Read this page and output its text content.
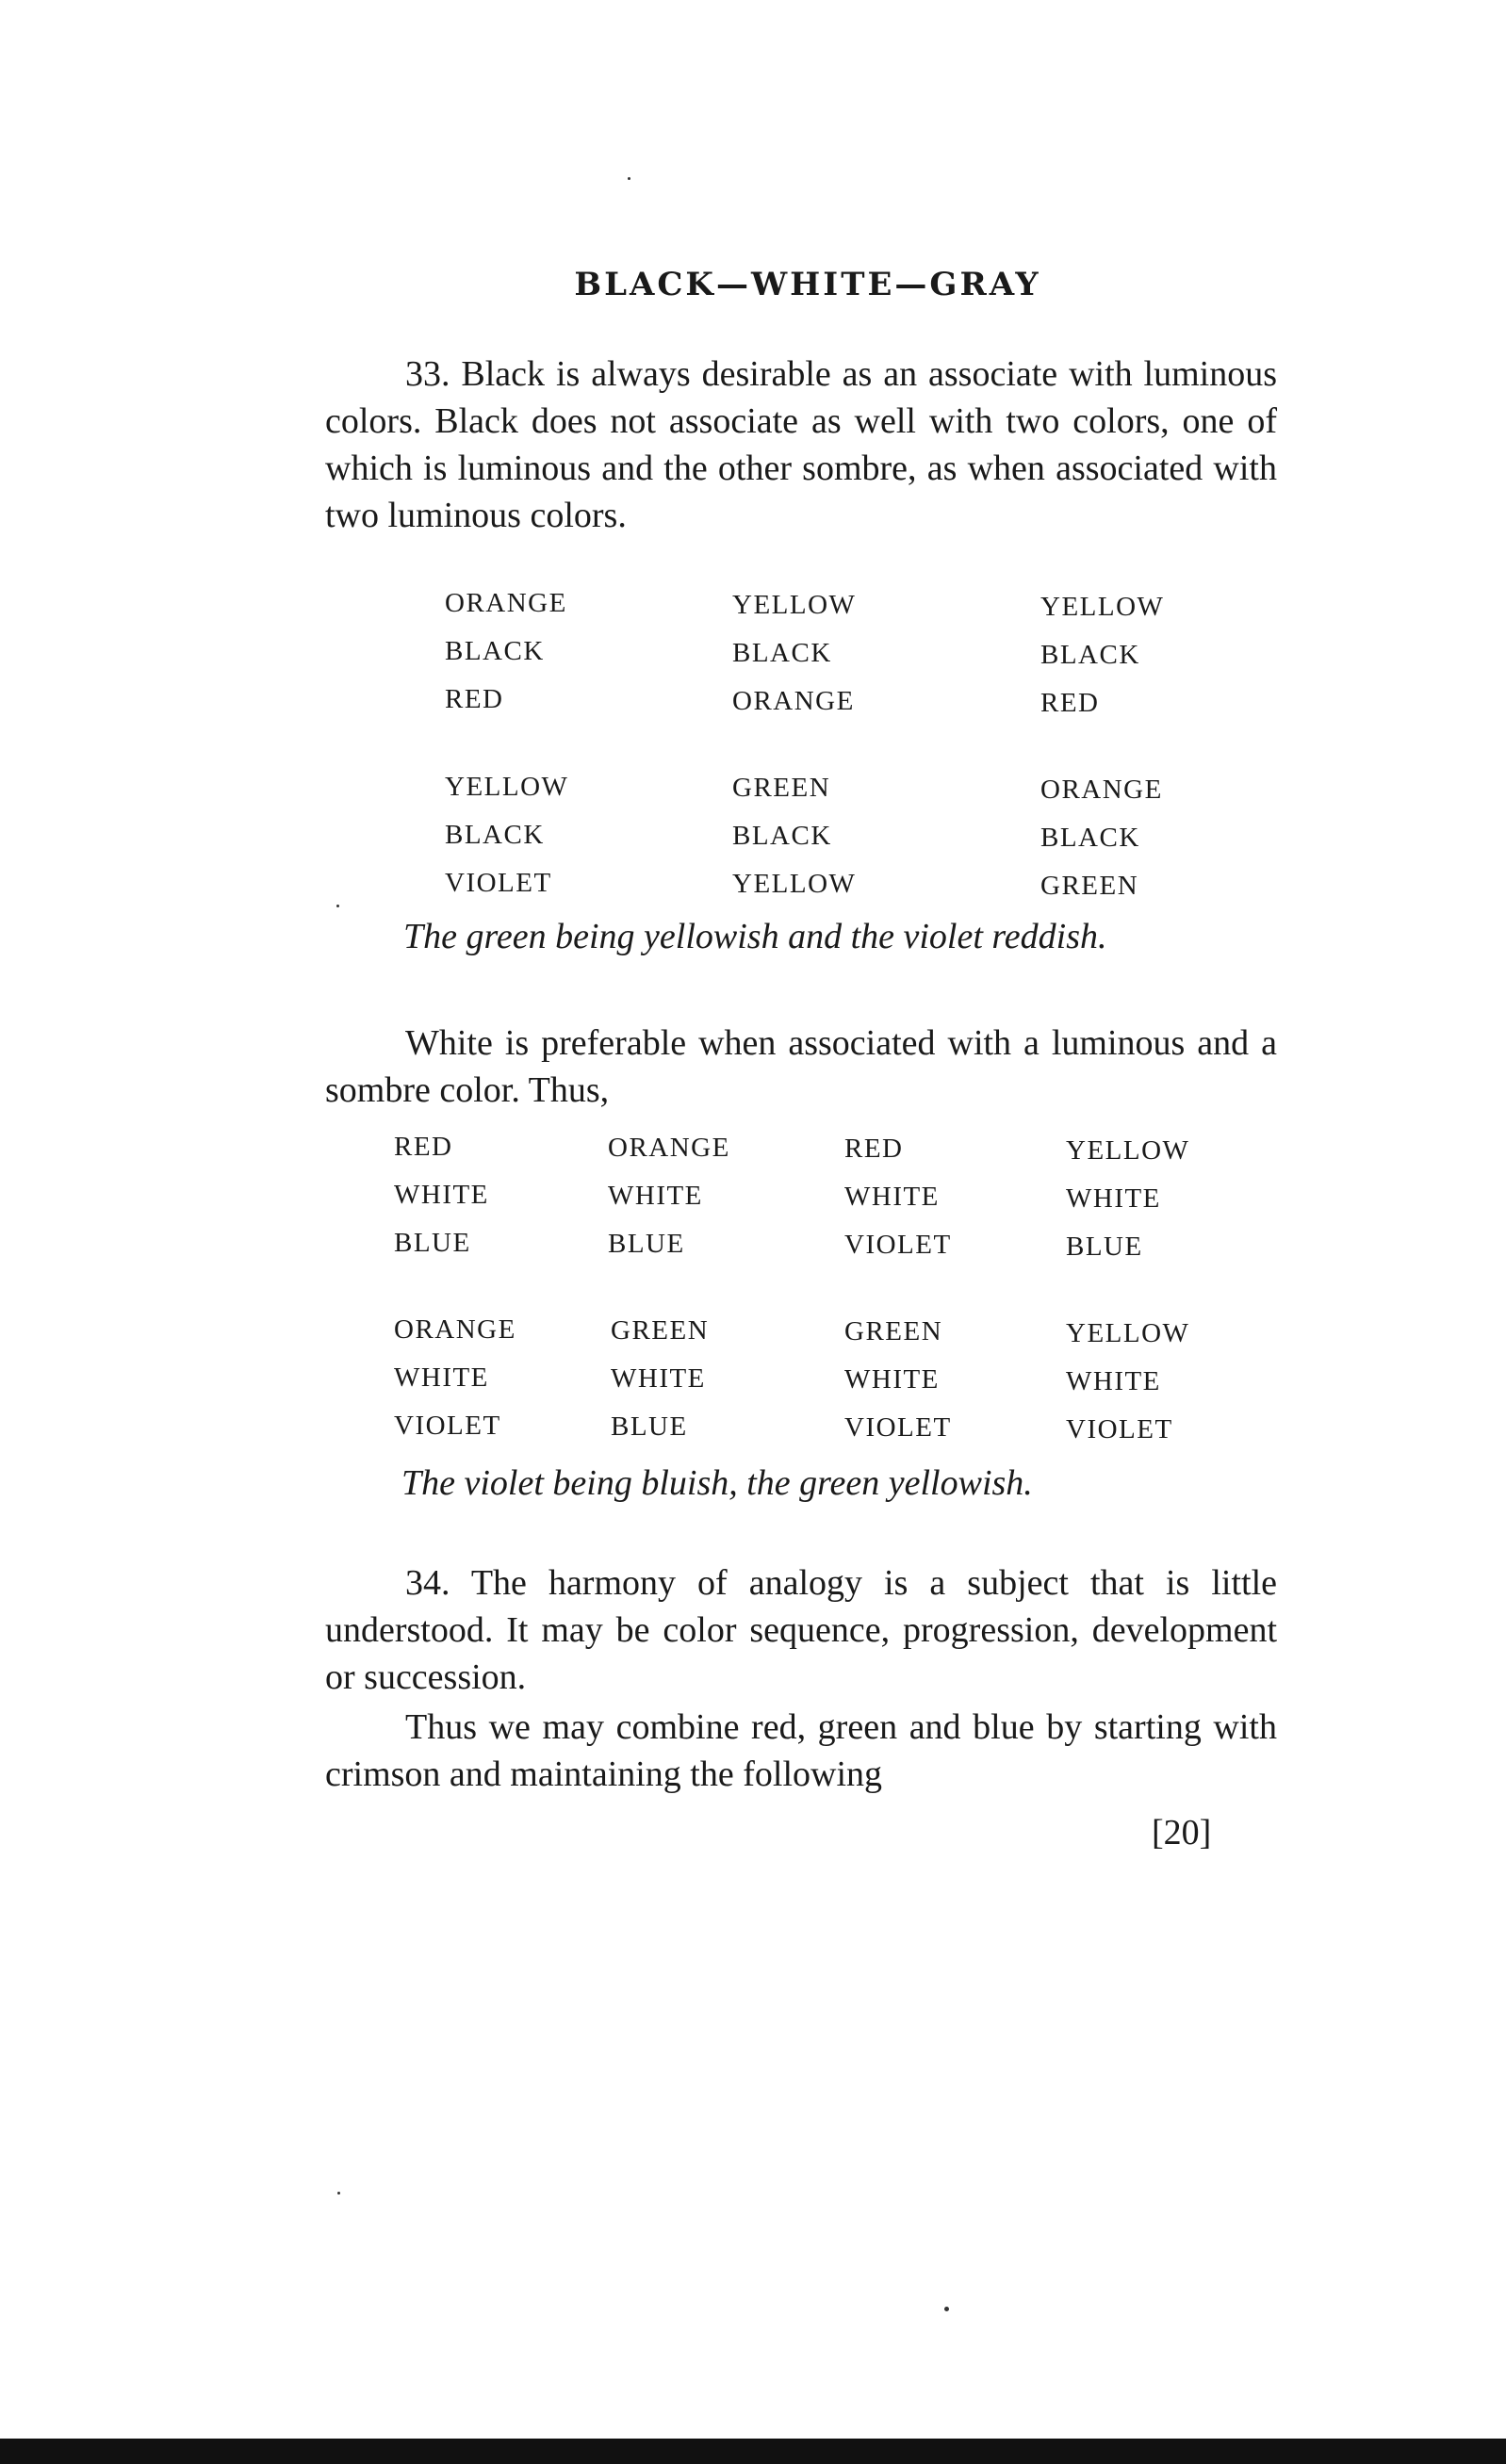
BLACK—WHITE—GRAY
33. Black is always desirable as an associate with luminous colors. Black does not associate as well with two colors, one of which is luminous and the other sombre, as when associated with two luminous colors.
ORANGE
BLACK
RED
YELLOW
BLACK
ORANGE
YELLOW
BLACK
RED
YELLOW
BLACK
VIOLET
GREEN
BLACK
YELLOW
ORANGE
BLACK
GREEN
The green being yellowish and the violet reddish.
White is preferable when associated with a luminous and a sombre color. Thus,
RED
WHITE
BLUE
ORANGE
WHITE
BLUE
RED
WHITE
VIOLET
YELLOW
WHITE
BLUE
ORANGE
WHITE
VIOLET
GREEN
WHITE
BLUE
GREEN
WHITE
VIOLET
YELLOW
WHITE
VIOLET
The violet being bluish, the green yellowish.
34. The harmony of analogy is a subject that is little understood. It may be color sequence, progression, development or succession.
Thus we may combine red, green and blue by starting with crimson and maintaining the following
[20]
